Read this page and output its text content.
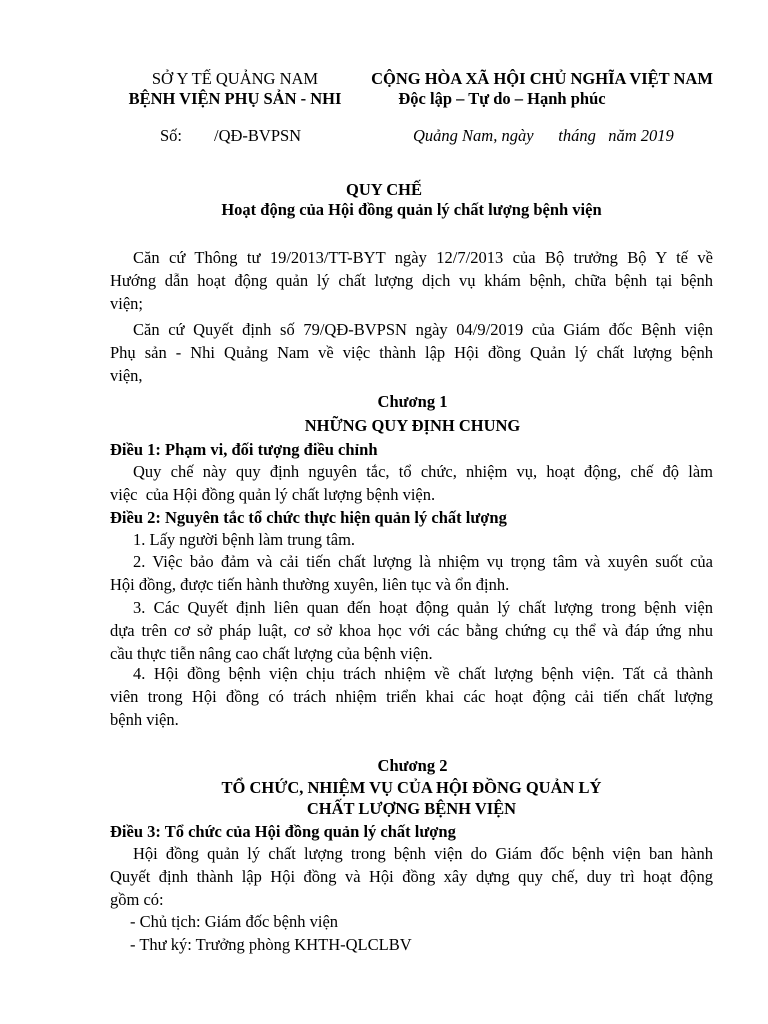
SỞ Y TẾ QUẢNG NAM
BỆNH VIỆN PHỤ SẢN - NHI
CỘNG HÒA XÃ HỘI CHỦ NGHĨA VIỆT NAM
Độc lập – Tự do – Hạnh phúc
Số: /QĐ-BVPSN	Quảng Nam, ngày      tháng   năm 2019
QUY CHẾ
Hoạt động của Hội đồng quản lý chất lượng bệnh viện
Căn cứ Thông tư 19/2013/TT-BYT ngày 12/7/2013 của Bộ trưởng Bộ Y tế về
Hướng dẫn hoạt động quản lý chất lượng dịch vụ khám bệnh, chữa bệnh tại bệnh
viện;
Căn cứ Quyết định số 79/QĐ-BVPSN ngày 04/9/2019 của Giám đốc Bệnh viện
Phụ sản - Nhi Quảng Nam về việc thành lập Hội đồng Quản lý chất lượng bệnh
viện,
Chương 1
NHỮNG QUY ĐỊNH CHUNG
Điều 1: Phạm vi, đối tượng điều chỉnh
Quy chế này quy định nguyên tắc, tổ chức, nhiệm vụ, hoạt động, chế độ làm
việc  của Hội đồng quản lý chất lượng bệnh viện.
Điều 2: Nguyên tắc tổ chức thực hiện quản lý chất lượng
1. Lấy người bệnh làm trung tâm.
2. Việc bảo đảm và cải tiến chất lượng là nhiệm vụ trọng tâm và xuyên suốt của
Hội đồng, được tiến hành thường xuyên, liên tục và ổn định.
3. Các Quyết định liên quan đến hoạt động quản lý chất lượng trong bệnh viện
dựa trên cơ sở pháp luật, cơ sở khoa học với các bằng chứng cụ thể và đáp ứng nhu
cầu thực tiễn nâng cao chất lượng của bệnh viện.
4. Hội đồng bệnh viện chịu trách nhiệm về chất lượng bệnh viện. Tất cả thành
viên trong Hội đồng có trách nhiệm triển khai các hoạt động cải tiến chất lượng
bệnh viện.
Chương 2
TỔ CHỨC, NHIỆM VỤ CỦA HỘI ĐỒNG QUẢN LÝ
CHẤT LƯỢNG BỆNH VIỆN
Điều 3: Tổ chức của Hội đồng quản lý chất lượng
Hội đồng quản lý chất lượng trong bệnh viện do Giám đốc bệnh viện ban hành
Quyết định thành lập Hội đồng và Hội đồng xây dựng quy chế, duy trì hoạt động
gồm có:
- Chủ tịch: Giám đốc bệnh viện
- Thư ký: Trưởng phòng KHTH-QLCLBV
